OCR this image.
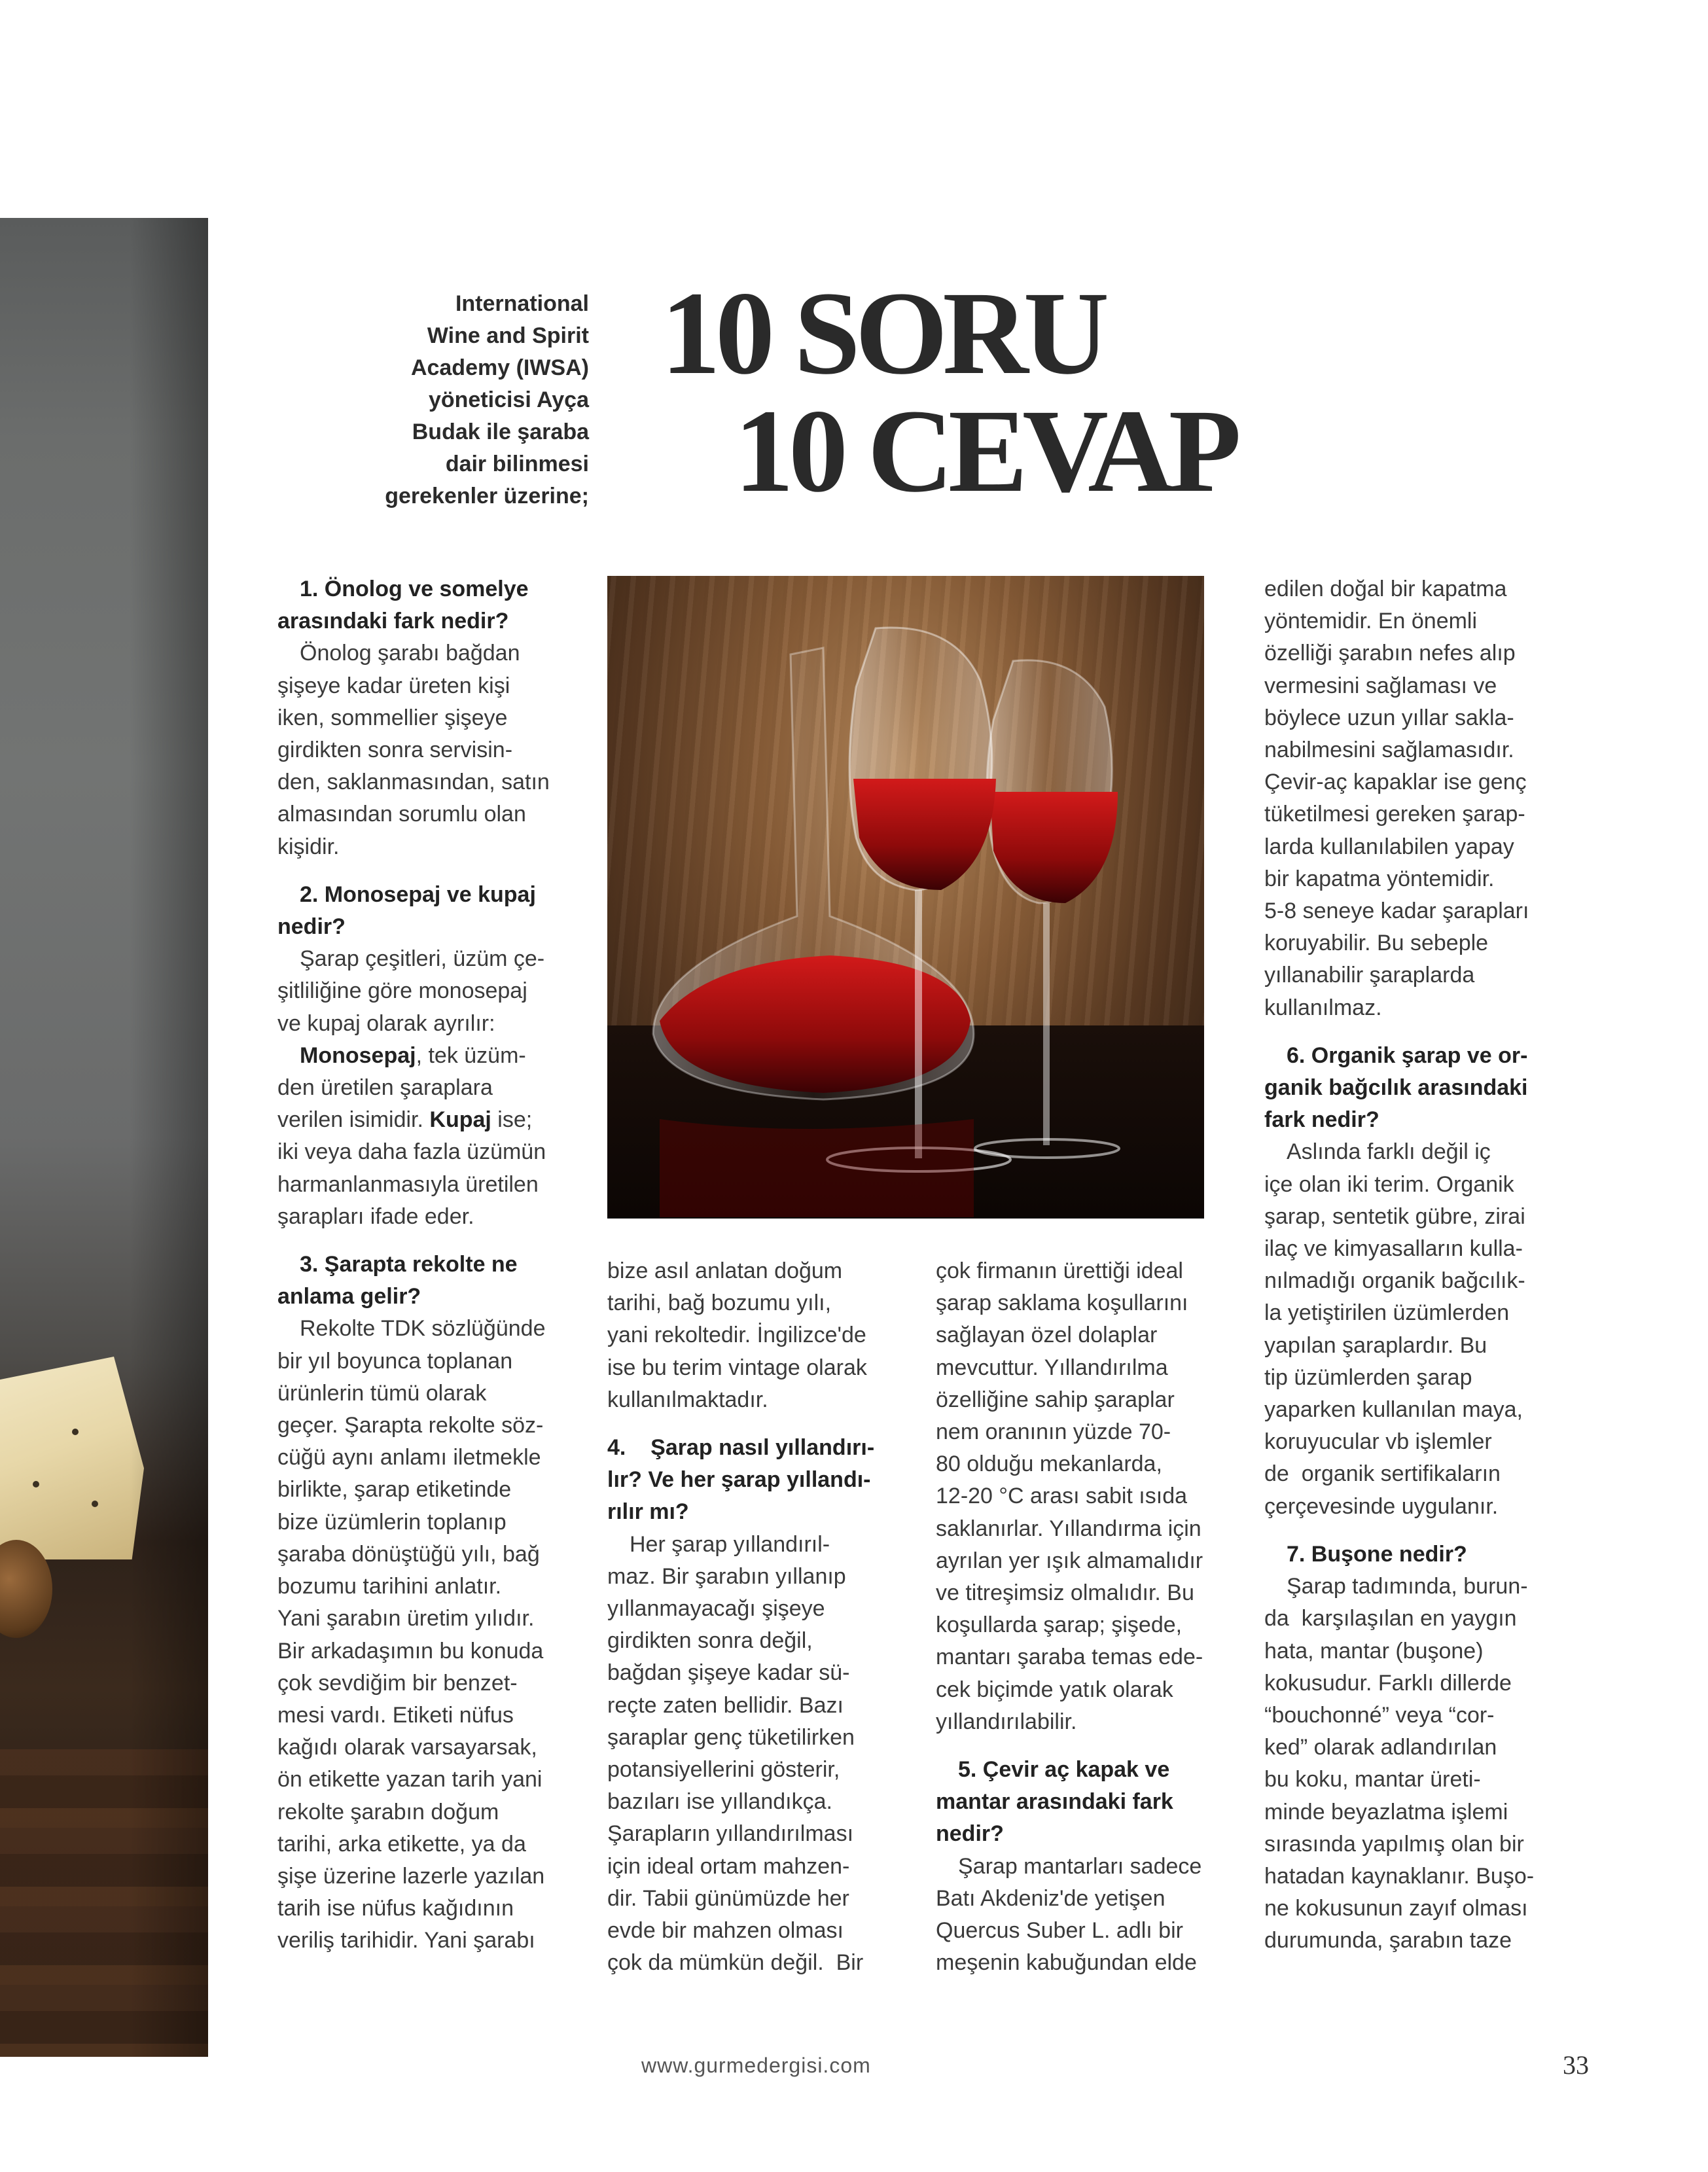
International
Wine and Spirit
Academy (IWSA)
yöneticisi Ayça
Budak ile şaraba
dair bilinmesi
gerekenler üzerine;
10 SORU
10 CEVAP
1. Önolog ve somelye
arasındaki fark nedir?
Önolog şarabı bağdan
şişeye kadar üreten kişi
iken, sommellier şişeye
girdikten sonra servisin-
den, saklanmasından, satın
almasından sorumlu olan
kişidir.
2. Monosepaj ve kupaj
nedir?
Şarap çeşitleri, üzüm çe-
şitliliğine göre monosepaj
ve kupaj olarak ayrılır:
Monosepaj, tek üzüm-
den üretilen şaraplara
verilen isimidir. Kupaj ise;
iki veya daha fazla üzümün
harmanlanmasıyla üretilen
şarapları ifade eder.
3. Şarapta rekolte ne
anlama gelir?
Rekolte TDK sözlüğünde
bir yıl boyunca toplanan
ürünlerin tümü olarak
geçer. Şarapta rekolte söz-
cüğü aynı anlamı iletmekle
birlikte, şarap etiketinde
bize üzümlerin toplanıp
şaraba dönüştüğü yılı, bağ
bozumu tarihini anlatır.
Yani şarabın üretim yılıdır.
Bir arkadaşımın bu konuda
çok sevdiğim bir benzet-
mesi vardı. Etiketi nüfus
kağıdı olarak varsayarsak,
ön etikette yazan tarih yani
rekolte şarabın doğum
tarihi, arka etikette, ya da
şişe üzerine lazerle yazılan
tarih ise nüfus kağıdının
veriliş tarihidir. Yani şarabı
bize asıl anlatan doğum
tarihi, bağ bozumu yılı,
yani rekoltedir. İngilizce'de
ise bu terim vintage olarak
kullanılmaktadır.
4.    Şarap nasıl yıllandırı-
lır? Ve her şarap yıllandı-
rılır mı?
Her şarap yıllandırıl-
maz. Bir şarabın yıllanıp
yıllanmayacağı şişeye
girdikten sonra değil,
bağdan şişeye kadar sü-
reçte zaten bellidir. Bazı
şaraplar genç tüketilirken
potansiyellerini gösterir,
bazıları ise yıllandıkça.
Şarapların yıllandırılması
için ideal ortam mahzen-
dir. Tabii günümüzde her
evde bir mahzen olması
çok da mümkün değil.  Bir
çok firmanın ürettiği ideal
şarap saklama koşullarını
sağlayan özel dolaplar
mevcuttur. Yıllandırılma
özelliğine sahip şaraplar
nem oranının yüzde 70-
80 olduğu mekanlarda,
12-20 °C arası sabit ısıda
saklanırlar. Yıllandırma için
ayrılan yer ışık almamalıdır
ve titreşimsiz olmalıdır. Bu
koşullarda şarap; şişede,
mantarı şaraba temas ede-
cek biçimde yatık olarak
yıllandırılabilir.
5. Çevir aç kapak ve
mantar arasındaki fark
nedir?
Şarap mantarları sadece
Batı Akdeniz'de yetişen
Quercus Suber L. adlı bir
meşenin kabuğundan elde
edilen doğal bir kapatma
yöntemidir. En önemli
özelliği şarabın nefes alıp
vermesini sağlaması ve
böylece uzun yıllar sakla-
nabilmesini sağlamasıdır.
Çevir-aç kapaklar ise genç
tüketilmesi gereken şarap-
larda kullanılabilen yapay
bir kapatma yöntemidir.
5-8 seneye kadar şarapları
koruyabilir. Bu sebeple
yıllanabilir şaraplarda
kullanılmaz.
6. Organik şarap ve or-
ganik bağcılık arasındaki
fark nedir?
Aslında farklı değil iç
içe olan iki terim. Organik
şarap, sentetik gübre, zirai
ilaç ve kimyasalların kulla-
nılmadığı organik bağcılık-
la yetiştirilen üzümlerden
yapılan şaraplardır. Bu
tip üzümlerden şarap
yaparken kullanılan maya,
koruyucular vb işlemler
de  organik sertifikaların
çerçevesinde uygulanır.
7. Buşone nedir?
Şarap tadımında, burun-
da  karşılaşılan en yaygın
hata, mantar (buşone)
kokusudur. Farklı dillerde
“bouchonné” veya “cor-
ked” olarak adlandırılan
bu koku, mantar üreti-
minde beyazlatma işlemi
sırasında yapılmış olan bir
hatadan kaynaklanır. Buşo-
ne kokusunun zayıf olması
durumunda, şarabın taze
www.gurmedergisi.com	33
